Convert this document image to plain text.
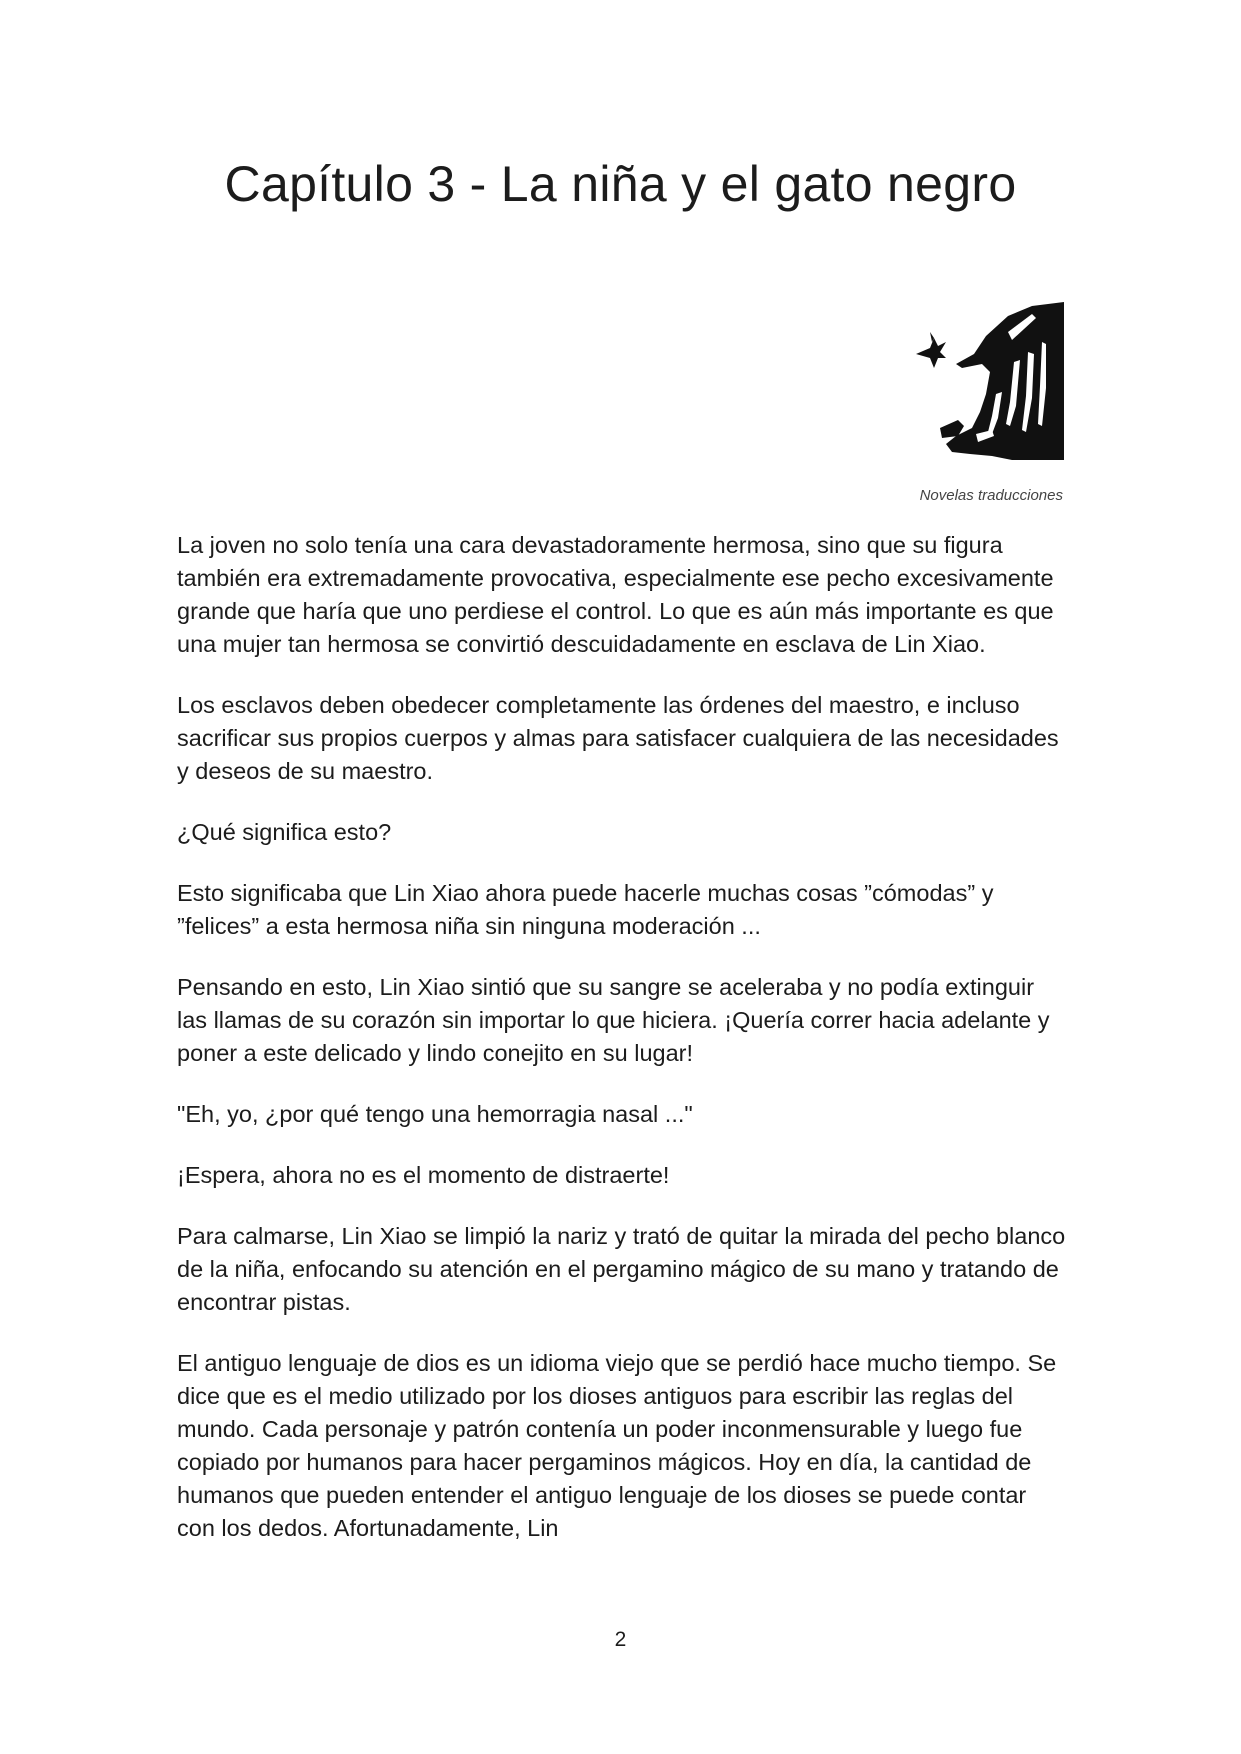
Capítulo 3 - La niña y el gato negro
Novelas traducciones

La joven no solo tenía una cara devastadoramente hermosa, sino que su figura también era extremadamente provocativa, especialmente ese pecho excesivamente grande que haría que uno perdiese el control. Lo que es aún más importante es que una mujer tan hermosa se convirtió descuidadamente en esclava de Lin Xiao.

Los esclavos deben obedecer completamente las órdenes del maestro, e incluso sacrificar sus propios cuerpos y almas para satisfacer cualquiera de las necesidades y deseos de su maestro.

¿Qué significa esto?

Esto significaba que Lin Xiao ahora puede hacerle muchas cosas ”cómodas” y ”felices” a esta hermosa niña sin ninguna moderación ...

Pensando en esto, Lin Xiao sintió que su sangre se aceleraba y no podía extinguir las llamas de su corazón sin importar lo que hiciera. ¡Quería correr hacia adelante y poner a este delicado y lindo conejito en su lugar!

"Eh, yo, ¿por qué tengo una hemorragia nasal ..."

¡Espera, ahora no es el momento de distraerte!

Para calmarse, Lin Xiao se limpió la nariz y trató de quitar la mirada del pecho blanco de la niña, enfocando su atención en el pergamino mágico de su mano y tratando de encontrar pistas.

El antiguo lenguaje de dios es un idioma viejo que se perdió hace mucho tiempo. Se dice que es el medio utilizado por los dioses antiguos para escribir las reglas del mundo. Cada personaje y patrón contenía un poder inconmensurable y luego fue copiado por humanos para hacer pergaminos mágicos. Hoy en día, la cantidad de humanos que pueden entender el antiguo lenguaje de los dioses se puede contar con los dedos. Afortunadamente, Lin

2
